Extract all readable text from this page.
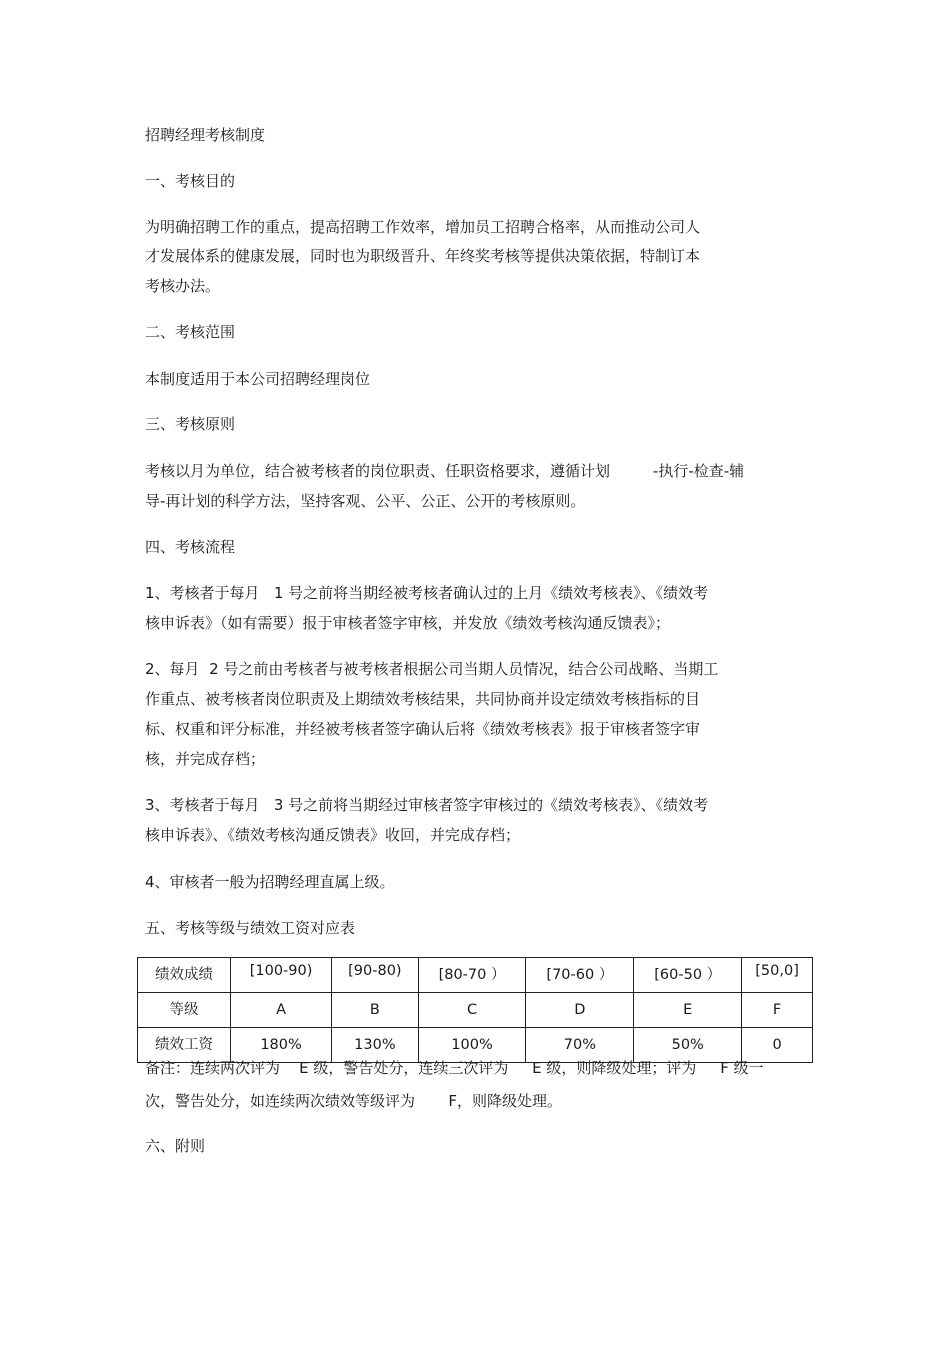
招聘经理考核制度

一、考核目的

为明确招聘工作的重点，提高招聘工作效率，增加员工招聘合格率，从而推动公司人

才发展体系的健康发展，同时也为职级晋升、年终奖考核等提供决策依据，特制订本

考核办法。

二、考核范围

本制度适用于本公司招聘经理岗位

三、考核原则

考核以月为单位，结合被考核者的岗位职责、任职资格要求，遵循计划         -执行-检查-辅

导-再计划的科学方法，坚持客观、公平、公正、公开的考核原则。

四、考核流程

1、考核者于每月   1 号之前将当期经被考核者确认过的上月《绩效考核表》、《绩效考

核申诉表》（如有需要）报于审核者签字审核，并发放《绩效考核沟通反馈表》；

2、每月  2 号之前由考核者与被考核者根据公司当期人员情况，结合公司战略、当期工

作重点、被考核者岗位职责及上期绩效考核结果，共同协商并设定绩效考核指标的目

标、权重和评分标准，并经被考核者签字确认后将《绩效考核表》报于审核者签字审

核，并完成存档；

3、考核者于每月   3 号之前将当期经过审核者签字审核过的《绩效考核表》、《绩效考

核申诉表》、《绩效考核沟通反馈表》收回，并完成存档；

4、审核者一般为招聘经理直属上级。

五、考核等级与绩效工资对应表

绩效成绩	[100-90)	[90-80)	[80-70 ）	[70-60 ）	[60-50 ）	[50,0]
等级	A	B	C	D	E	F
绩效工资	180%	130%	100%	70%	50%	0

备注：连续两次评为    E 级，警告处分，连续三次评为     E 级，则降级处理；评为     F 级一

次，警告处分，如连续两次绩效等级评为       F，则降级处理。

六、附则
